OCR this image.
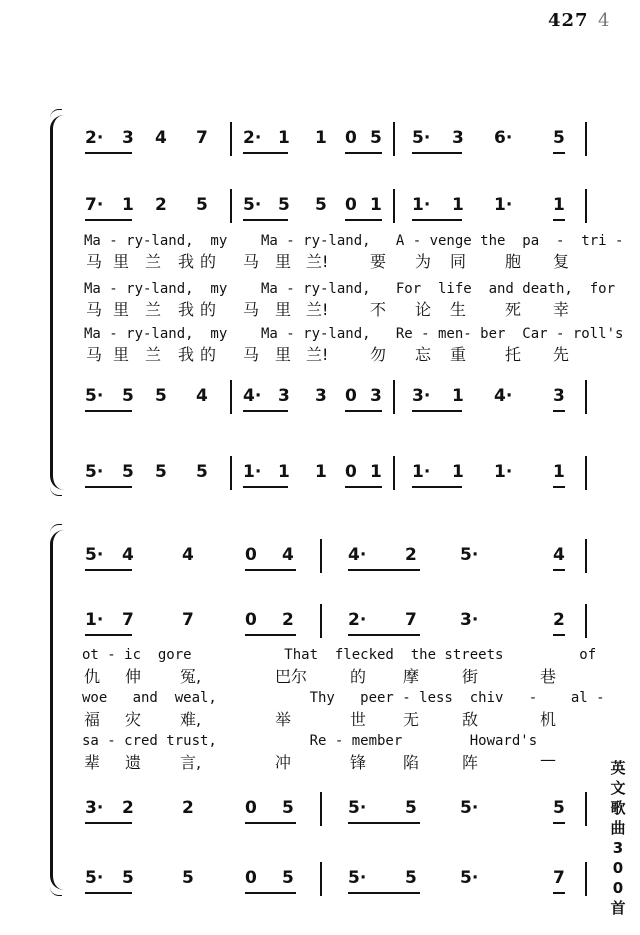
427 4
英
文
歌
曲
3
0
0
首
2· 3 4 7 2· 1 1 0 5 5· 3 6· 5
7· 1 2 5 5· 5 5 0 1 1· 1 1· 1
5· 5 5 4 4· 3 3 0 3 3· 1 4· 3
5· 5 5 5 1· 1 1 0 1 1· 1 1· 1
Ma - ry-land,  my    Ma - ry-land,   A - venge the  pa  -  tri -
马 里 兰 我 的 马 里 兰!	要 为 同 胞 复
Ma - ry-land,  my    Ma - ry-land,   For  life  and death,  for
马 里 兰 我 的 马 里 兰!	不 论 生 死 幸
Ma - ry-land,  my    Ma - ry-land,   Re - men- ber  Car - roll's
马 里 兰 我 的 马 里 兰!	勿 忘 重 托 先
5· 4	4	0 4	4· 2	5·	4
1· 7	7	0 2	2· 7	3·	2
3· 2	2	0 5	5· 5	5·	5
5· 5	5	0 5	5· 5	5·	7
ot - ic  gore           That  flecked  the streets         of
仇 伸 冤,	巴尔	的 摩	街	巷
woe   and  weal,           Thy   peer - less  chiv   -    al -
福 灾 难,	举	世 无	敌	机
sa - cred trust,           Re - member        Howard's
辈 遗 言,	冲	锋 陷	阵	—
